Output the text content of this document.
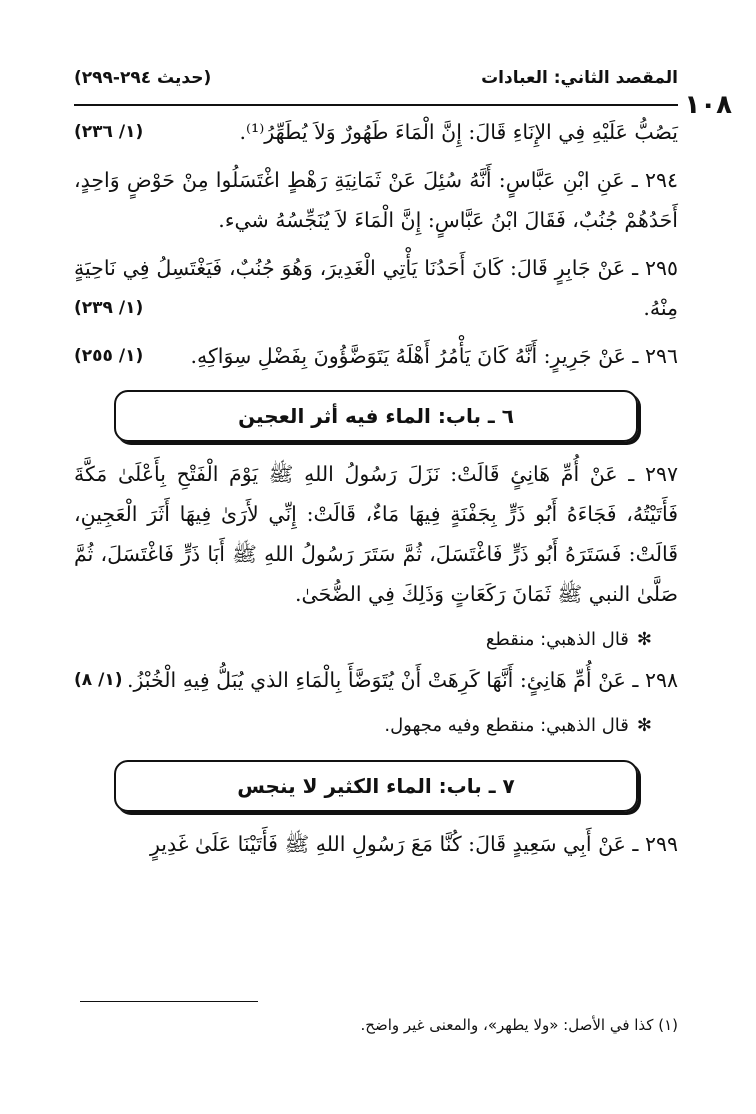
١٠٨
المقصد الثاني: العبادات
(حديث ٢٩٤-٢٩٩)

(١/ ٢٣٦)	يَصُبُّ عَلَيْهِ فِي الإِنَاءِ قَالَ: إِنَّ الْمَاءَ طَهُورٌ وَلاَ يُطَهِّرُ⁽¹⁾.

٢٩٤ ـ عَنِ ابْنِ عَبَّاسٍ: أَنَّهُ سُئِلَ عَنْ ثَمَانِيَةِ رَهْطٍ اغْتَسَلُوا مِنْ حَوْضٍ وَاحِدٍ، أَحَدُهُمْ جُنُبٌ، فَقَالَ ابْنُ عَبَّاسٍ: إِنَّ الْمَاءَ لاَ يُنَجِّسُهُ شيء.

٢٩٥ ـ عَنْ جَابِرٍ قَالَ: كَانَ أَحَدُنَا يَأْتِي الْغَدِيرَ، وَهُوَ جُنُبٌ، فَيَغْتَسِلُ فِي نَاحِيَةٍ مِنْهُ.
(١/ ٢٣٩)

(١/ ٢٥٥) ٢٩٦ ـ عَنْ جَرِيرٍ: أَنَّهُ كَانَ يَأْمُرُ أَهْلَهُ يَتَوَضَّؤُونَ بِفَضْلِ سِوَاكِهِ.

٦ ـ باب: الماء فيه أثر العجين

٢٩٧ ـ عَنْ أُمِّ هَانِئٍ قَالَتْ: نَزَلَ رَسُولُ اللهِ ﷺ يَوْمَ الْفَتْحِ بِأَعْلَىٰ مَكَّةَ فَأَتَيْتُهُ، فَجَاءَهُ أَبُو ذَرٍّ بِجَفْنَةٍ فِيهَا مَاءٌ، قَالَتْ: إِنِّي لأَرَىٰ فِيهَا أَثَرَ الْعَجِينِ، قَالَتْ: فَسَتَرَهُ أَبُو ذَرٍّ فَاغْتَسَلَ، ثُمَّ سَتَرَ رَسُولُ اللهِ ﷺ أَبَا ذَرٍّ فَاغْتَسَلَ، ثُمَّ صَلَّىٰ النبي ﷺ ثَمَانَ رَكَعَاتٍ وَذَلِكَ فِي الضُّحَىٰ.

✻قال الذهبي: منقطع

٢٩٨ ـ عَنْ أُمِّ هَانِئٍ: أَنَّهَا كَرِهَتْ أَنْ يُتَوَضَّأَ بِالْمَاءِ الذي يُبَلُّ فِيهِ الْخُبْزُ.
(١/ ٨)

✻قال الذهبي: منقطع وفيه مجهول.
٧ ـ باب: الماء الكثير لا ينجس

٢٩٩ ـ عَنْ أَبِي سَعِيدٍ قَالَ: كُنَّا مَعَ رَسُولِ اللهِ ﷺ فَأَتَيْنَا عَلَىٰ غَدِيرٍ

(١) كذا في الأصل: «ولا يطهر»، والمعنى غير واضح.
